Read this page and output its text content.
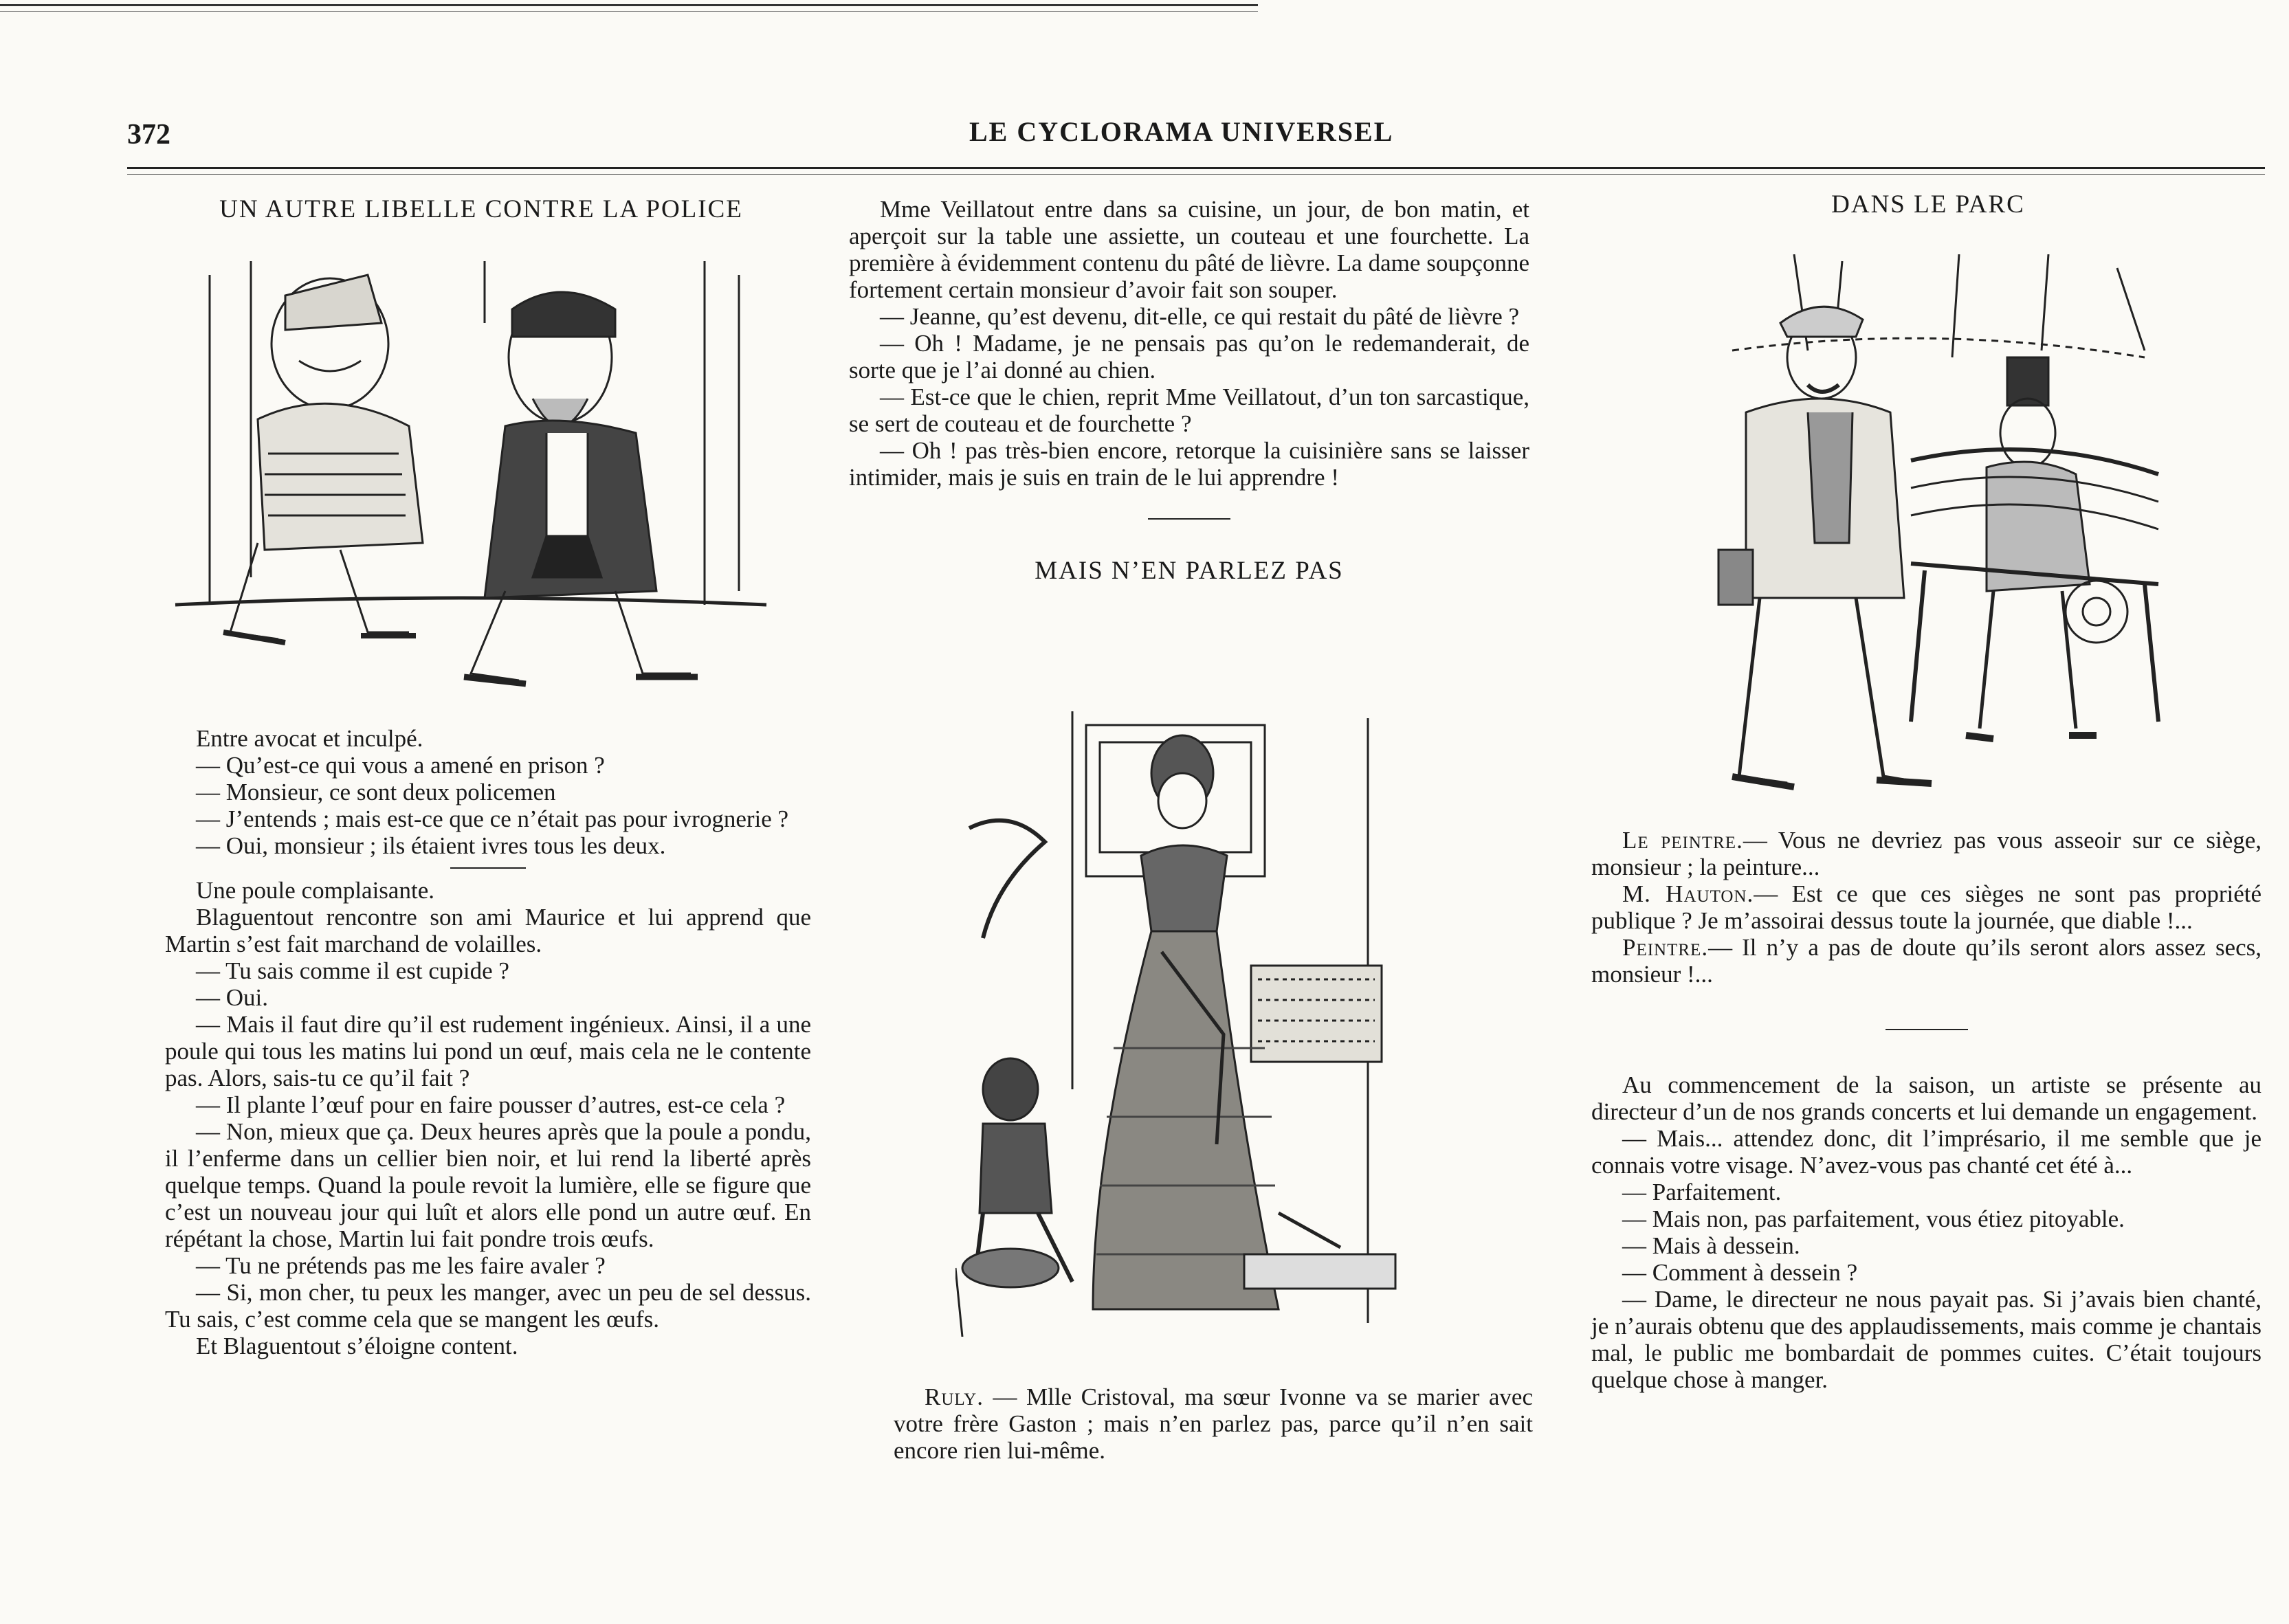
372	LE CYCLORAMA UNIVERSEL

UN AUTRE LIBELLE CONTRE LA POLICE

Entre avocat et inculpé.

— Qu’est-ce qui vous a amené en prison ?

— Monsieur, ce sont deux policemen

— J’entends ; mais est-ce que ce n’était pas pour ivrognerie ?

— Oui, monsieur ; ils étaient ivres tous les deux.

Une poule complaisante.

Blaguentout rencontre son ami Maurice et lui apprend que Martin s’est fait marchand de volailles.

— Tu sais comme il est cupide ?

— Oui.

— Mais il faut dire qu’il est rudement ingénieux. Ainsi, il a une poule qui tous les matins lui pond un œuf, mais cela ne le contente pas. Alors, sais-tu ce qu’il fait ?

— Il plante l’œuf pour en faire pousser d’autres, est-ce cela ?

— Non, mieux que ça. Deux heures après que la poule a pondu, il l’enferme dans un cellier bien noir, et lui rend la liberté après quelque temps. Quand la poule revoit la lumière, elle se figure que c’est un nouveau jour qui luît et alors elle pond un autre œuf. En répétant la chose, Martin lui fait pondre trois œufs.

— Tu ne prétends pas me les faire avaler ?

— Si, mon cher, tu peux les manger, avec un peu de sel dessus. Tu sais, c’est comme cela que se mangent les œufs.

Et Blaguentout s’éloigne content.

Mme Veillatout entre dans sa cuisine, un jour, de bon matin, et aperçoit sur la table une assiette, un couteau et une fourchette. La première à évidemment contenu du pâté de lièvre. La dame soupçonne fortement certain monsieur d’avoir fait son souper.

— Jeanne, qu’est devenu, dit-elle, ce qui restait du pâté de lièvre ?

— Oh ! Madame, je ne pensais pas qu’on le redemanderait, de sorte que je l’ai donné au chien.

— Est-ce que le chien, reprit Mme Veillatout, d’un ton sarcastique, se sert de couteau et de fourchette ?

— Oh ! pas très-bien encore, retorque la cuisinière sans se laisser intimider, mais je suis en train de le lui apprendre !

MAIS N’EN PARLEZ PAS

Ruly. — Mlle Cristoval, ma sœur Ivonne va se marier avec votre frère Gaston ; mais n’en parlez pas, parce qu’il n’en sait encore rien lui-même.

DANS LE PARC

Le peintre.— Vous ne devriez pas vous asseoir sur ce siège, monsieur ; la peinture...

M. Hauton.— Est ce que ces sièges ne sont pas propriété publique ? Je m’assoirai dessus toute la journée, que diable !...

Peintre.— Il n’y a pas de doute qu’ils seront alors assez secs, monsieur !...

Au commencement de la saison, un artiste se présente au directeur d’un de nos grands concerts et lui demande un engagement.

— Mais... attendez donc, dit l’imprésario, il me semble que je connais votre visage. N’avez-vous pas chanté cet été à...

— Parfaitement.

— Mais non, pas parfaitement, vous étiez pitoyable.

— Mais à dessein.

— Comment à dessein ?

— Dame, le directeur ne nous payait pas. Si j’avais bien chanté, je n’aurais obtenu que des applaudissements, mais comme je chantais mal, le public me bombardait de pommes cuites. C’était toujours quelque chose à manger.
